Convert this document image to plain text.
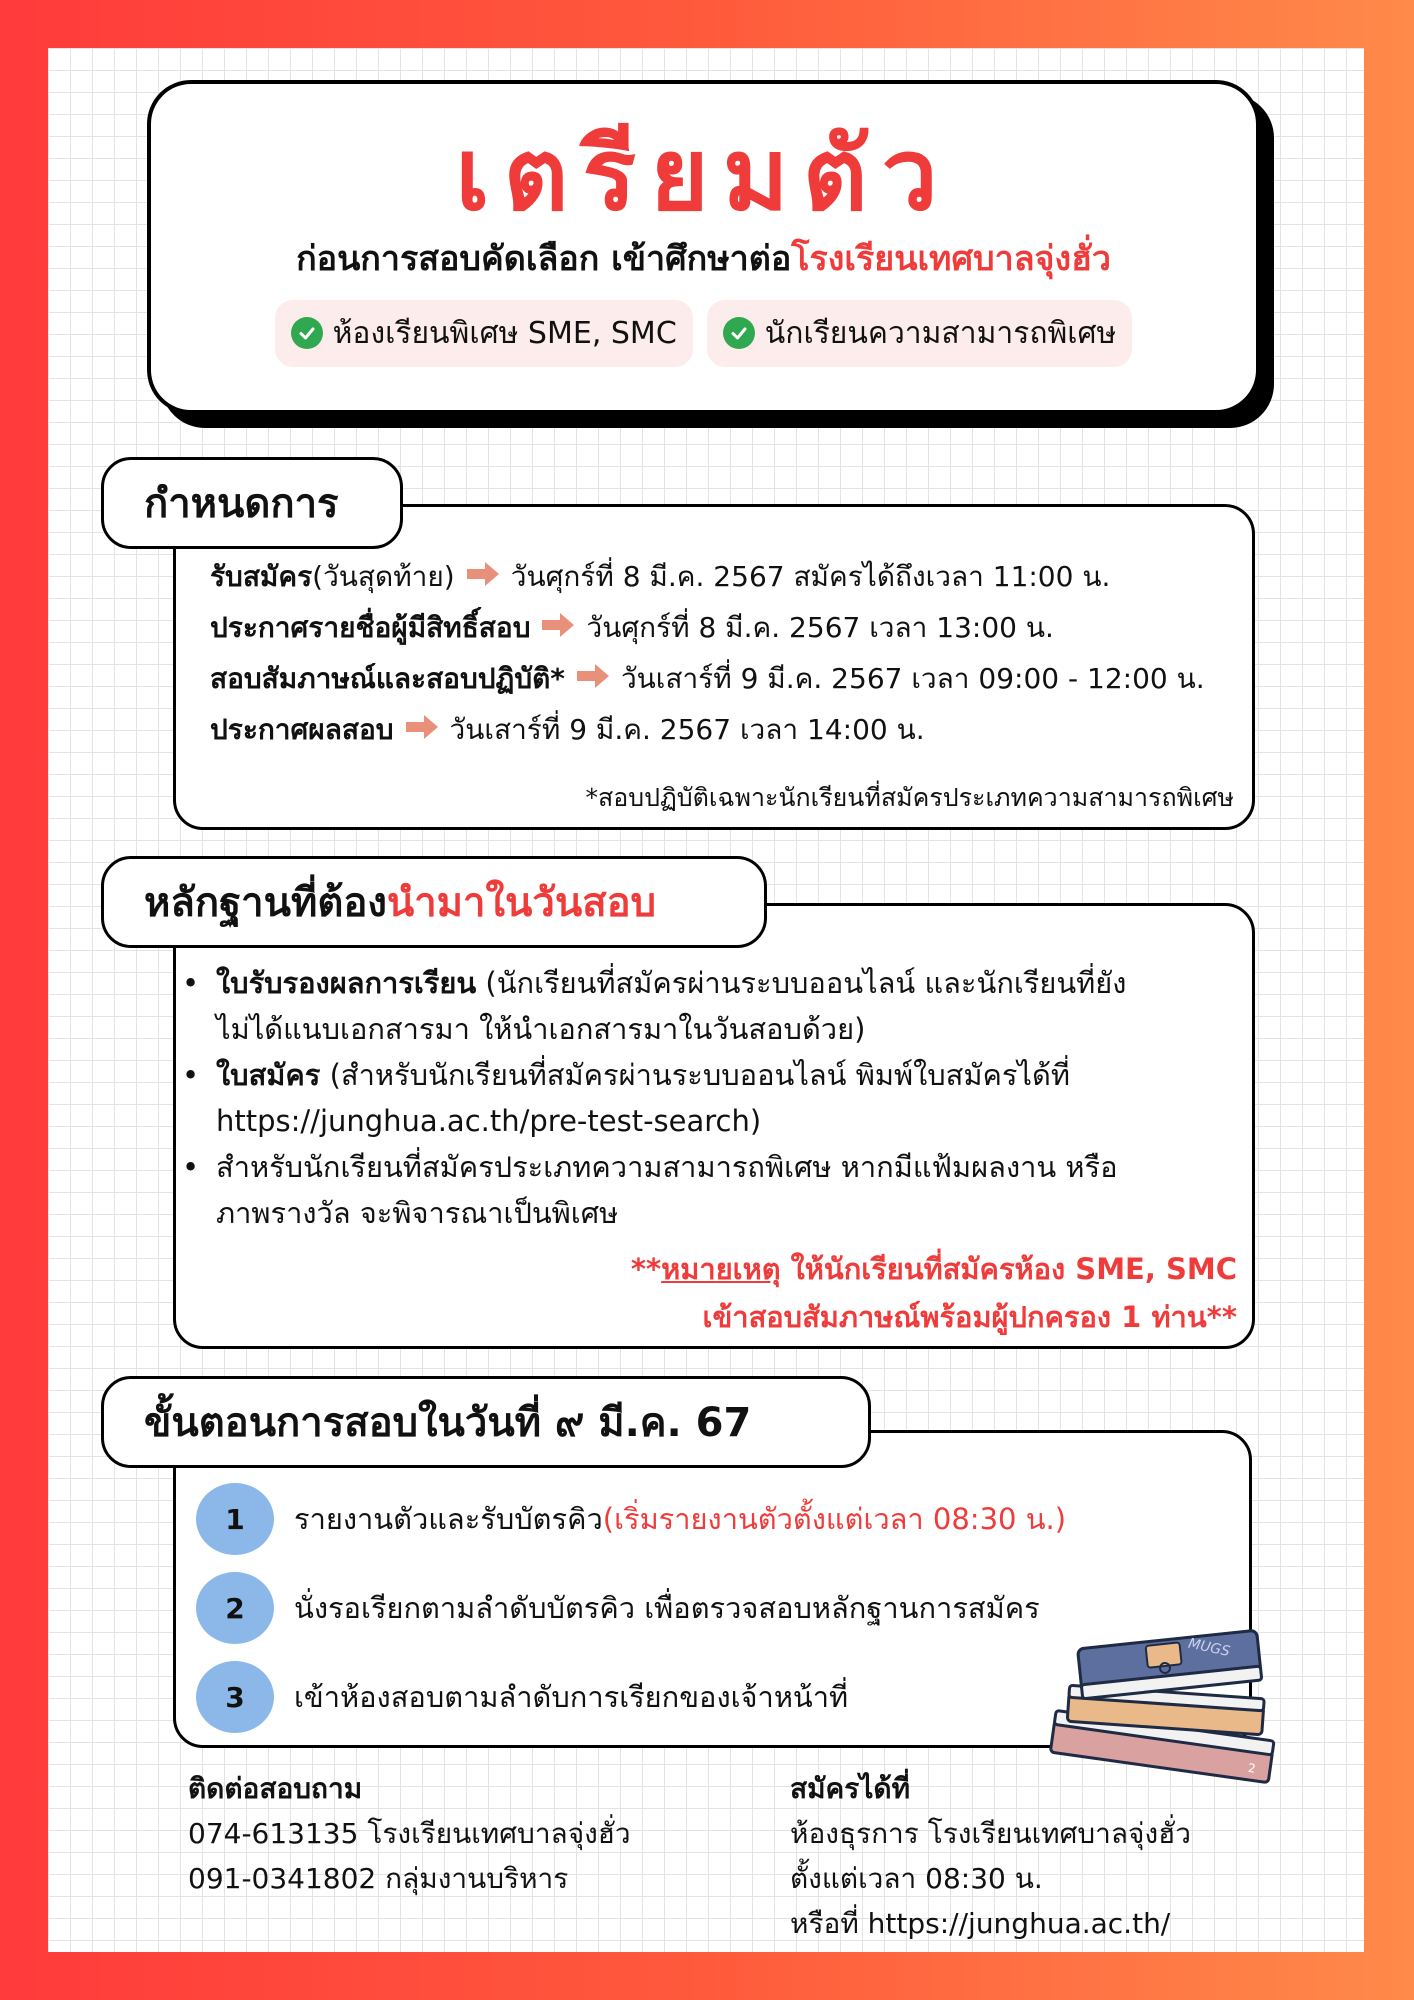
เตรียมตัว
ก่อนการสอบคัดเลือก เข้าศึกษาต่อโรงเรียนเทศบาลจุ่งฮั่ว
ห้องเรียนพิเศษ SME, SMC	นักเรียนความสามารถพิเศษ
กำหนดการ
รับสมัคร (วันสุดท้าย) วันศุกร์ที่ 8 มี.ค. 2567 สมัครได้ถึงเวลา 11:00 น.
ประกาศรายชื่อผู้มีสิทธิ์สอบ วันศุกร์ที่ 8 มี.ค. 2567 เวลา 13:00 น.
สอบสัมภาษณ์และสอบปฏิบัติ* วันเสาร์ที่ 9 มี.ค. 2567 เวลา 09:00 - 12:00 น.
ประกาศผลสอบ วันเสาร์ที่ 9 มี.ค. 2567 เวลา 14:00 น.
*สอบปฏิบัติเฉพาะนักเรียนที่สมัครประเภทความสามารถพิเศษ
หลักฐานที่ต้อง นำมาในวันสอบ
• ใบรับรองผลการเรียน (นักเรียนที่สมัครผ่านระบบออนไลน์ และนักเรียนที่ยัง
ไม่ได้แนบเอกสารมา ให้นำเอกสารมาในวันสอบด้วย)
• ใบสมัคร (สำหรับนักเรียนที่สมัครผ่านระบบออนไลน์ พิมพ์ใบสมัครได้ที่
https://junghua.ac.th/pre-test-search)
• สำหรับนักเรียนที่สมัครประเภทความสามารถพิเศษ หากมีแฟ้มผลงาน หรือ
ภาพรางวัล จะพิจารณาเป็นพิเศษ
**หมายเหตุ ให้นักเรียนที่สมัครห้อง SME, SMC
เข้าสอบสัมภาษณ์พร้อมผู้ปกครอง 1 ท่าน**
ขั้นตอนการสอบในวันที่ ๙ มี.ค. 67
1	รายงานตัวและรับบัตรคิว (เริ่มรายงานตัวตั้งแต่เวลา 08:30 น.)
2	นั่งรอเรียกตามลำดับบัตรคิว เพื่อตรวจสอบหลักฐานการสมัคร
3	เข้าห้องสอบตามลำดับการเรียกของเจ้าหน้าที่
2
MUGS
ติดต่อสอบถาม
074-613135 โรงเรียนเทศบาลจุ่งฮั่ว
091-0341802 กลุ่มงานบริหาร
สมัครได้ที่
ห้องธุรการ โรงเรียนเทศบาลจุ่งฮั่ว
ตั้งแต่เวลา 08:30 น.
หรือที่ https://junghua.ac.th/
